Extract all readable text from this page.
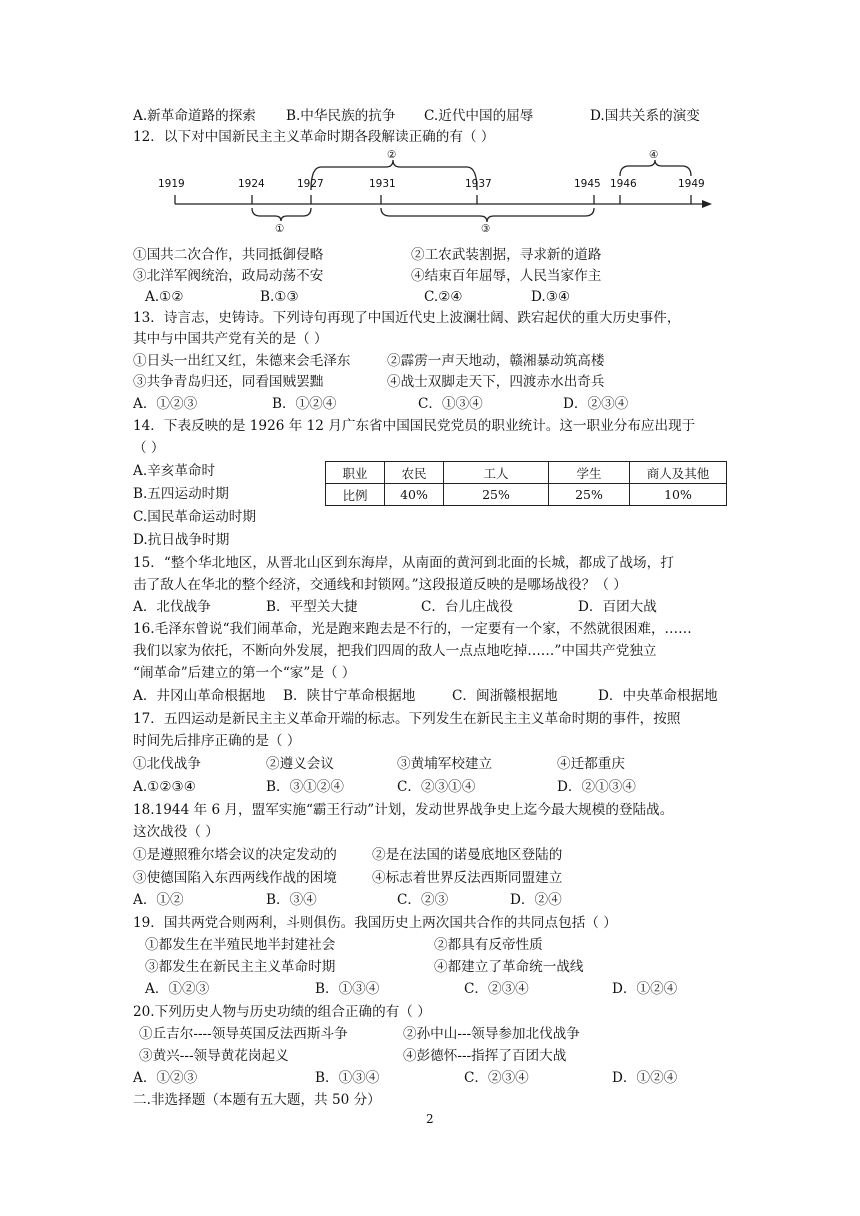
A.新革命道路的探索 B.中华民族的抗争 C.近代中国的屈辱	D.国共关系的演变
12．以下对中国新民主主义革命时期各段解读正确的有（ ）
1919	1924	1927	1931	1937	1945 1946	1949
①
②
③
④
①国共二次合作，共同抵御侵略	②工农武装割据，寻求新的道路
③北洋军阀统治，政局动荡不安	④结束百年屈辱，人民当家作主
A.①②	B.①③	C.②④	D.③④
13．诗言志，史铸诗。下列诗句再现了中国近代史上波澜壮阔、跌宕起伏的重大历史事件，
其中与中国共产党有关的是（ ）
①日头一出红又红，朱德来会毛泽东	②霹雳一声天地动，赣湘暴动筑高楼
③共争青岛归还，同看国贼罢黜	④战士双脚走天下，四渡赤水出奇兵
A．①②③	B．①②④	C．①③④	D．②③④
14．下表反映的是 1926 年 12 月广东省中国国民党党员的职业统计。这一职业分布应出现于
（ ）
A.辛亥革命时
B.五四运动时期
C.国民革命运动时期
D.抗日战争时期
职业	农民	工人	学生	商人及其他
比例	40%	25%	25%	10%
15．“整个华北地区，从晋北山区到东海岸，从南面的黄河到北面的长城，都成了战场，打
击了敌人在华北的整个经济，交通线和封锁网。”这段报道反映的是哪场战役？（ ）
A．北伐战争	B．平型关大捷	C．台儿庄战役	D．百团大战
16.毛泽东曾说“我们闹革命，光是跑来跑去是不行的，一定要有一个家，不然就很困难，……
我们以家为依托，不断向外发展，把我们四周的敌人一点点地吃掉……”中国共产党独立
“闹革命”后建立的第一个“家”是（ ）
A．井冈山革命根据地 B．陕甘宁革命根据地	C．闽浙赣根据地	D．中央革命根据地
17．五四运动是新民主主义革命开端的标志。下列发生在新民主主义革命时期的事件，按照
时间先后排序正确的是（ ）
①北伐战争	②遵义会议	③黄埔军校建立	④迁都重庆
A.①②③④	B．③①②④	C．②③①④	D．②①③④
18.1944 年 6 月，盟军实施“霸王行动”计划，发动世界战争史上迄今最大规模的登陆战。
这次战役（ ）
①是遵照雅尔塔会议的决定发动的	②是在法国的诺曼底地区登陆的
③使德国陷入东西两线作战的困境	④标志着世界反法西斯同盟建立
A．①②	B．③④	C．②③	D．②④
19．国共两党合则两利，斗则俱伤。我国历史上两次国共合作的共同点包括（ ）
①都发生在半殖民地半封建社会	②都具有反帝性质
③都发生在新民主主义革命时期	④都建立了革命统一战线
A．①②③	B．①③④	C．②③④	D．①②④
20.下列历史人物与历史功绩的组合正确的有（ ）
①丘吉尔----领导英国反法西斯斗争	②孙中山---领导参加北伐战争
③黄兴---领导黄花岗起义	④彭德怀---指挥了百团大战
A．①②③	B．①③④	C．②③④	D．①②④
二.非选择题（本题有五大题，共 50 分）
2
